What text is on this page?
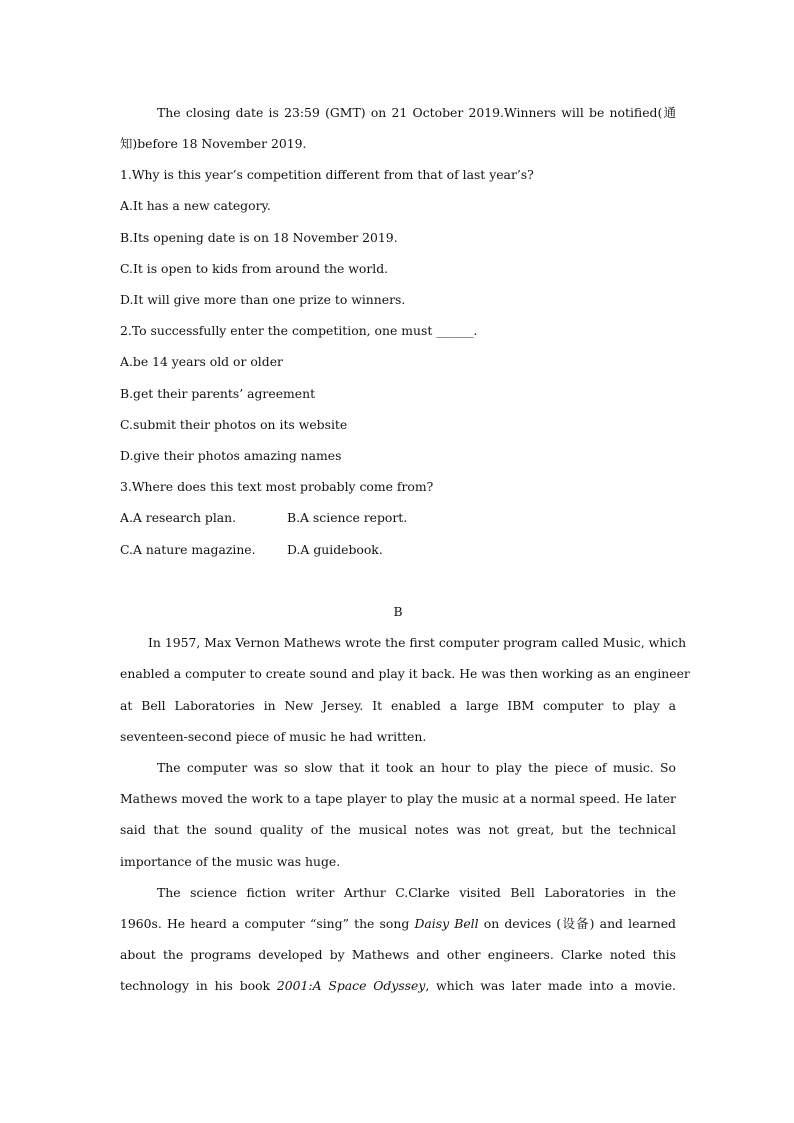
The closing date is 23:59 (GMT) on 21 October 2019.Winners will be notified(通
知)before 18 November 2019.
1.Why is this year’s competition different from that of last year’s?
A.It has a new category.
B.Its opening date is on 18 November 2019.
C.It is open to kids from around the world.
D.It will give more than one prize to winners.
2.To successfully enter the competition, one must ______.
A.be 14 years old or older
B.get their parents’ agreement
C.submit their photos on its website
D.give their photos amazing names
3.Where does this text most probably come from?
A.A research plan.	B.A science report.
C.A nature magazine.	D.A guidebook.
B
In 1957, Max Vernon Mathews wrote the first computer program called Music, which
enabled a computer to create sound and play it back. He was then working as an engineer
at Bell Laboratories in New Jersey. It enabled a large IBM computer to play a
seventeen-second piece of music he had written.
The computer was so slow that it took an hour to play the piece of music. So
Mathews moved the work to a tape player to play the music at a normal speed. He later
said that the sound quality of the musical notes was not great, but the technical
importance of the music was huge.
The science fiction writer Arthur C.Clarke visited Bell Laboratories in the
1960s. He heard a computer “sing” the song Daisy Bell on devices (设备) and learned
about the programs developed by Mathews and other engineers. Clarke noted this
technology in his book 2001:A Space Odyssey, which was later made into a movie.
